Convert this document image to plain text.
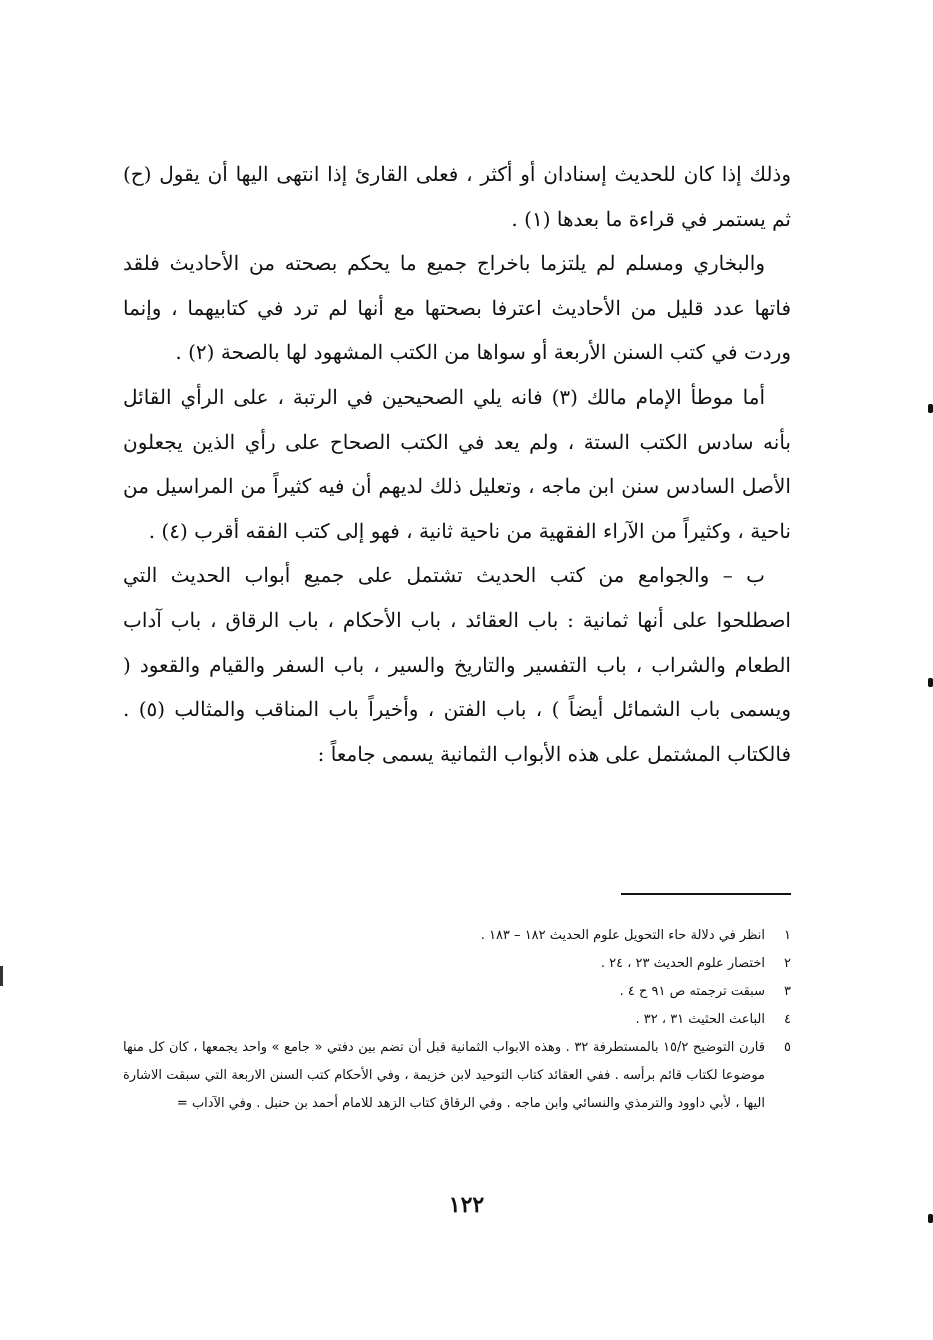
وذلك إذا كان للحديث إسنادان أو أكثر ، فعلى القارئ إذا انتهى اليها أن يقول (ح) ثم يستمر في قراءة ما بعدها (١) .

والبخاري ومسلم لم يلتزما باخراج جميع ما يحكم بصحته من الأحاديث فلقد فاتها عدد قليل من الأحاديث اعترفا بصحتها مع أنها لم ترد في كتابيهما ، وإنما وردت في كتب السنن الأربعة أو سواها من الكتب المشهود لها بالصحة (٢) .

أما موطأ الإمام مالك (٣) فانه يلي الصحيحين في الرتبة ، على الرأي القائل بأنه سادس الكتب الستة ، ولم يعد في الكتب الصحاح على رأي الذين يجعلون الأصل السادس سنن ابن ماجه ، وتعليل ذلك لديهم أن فيه كثيراً من المراسيل من ناحية ، وكثيراً من الآراء الفقهية من ناحية ثانية ، فهو إلى كتب الفقه أقرب (٤) .

ب – والجوامع من كتب الحديث تشتمل على جميع أبواب الحديث التي اصطلحوا على أنها ثمانية : باب العقائد ، باب الأحكام ، باب الرقاق ، باب آداب الطعام والشراب ، باب التفسير والتاريخ والسير ، باب السفر والقيام والقعود ( ويسمى باب الشمائل أيضاً ) ، باب الفتن ، وأخيراً باب المناقب والمثالب (٥) . فالكتاب المشتمل على هذه الأبواب الثمانية يسمى جامعاً :

١
انظر في دلالة حاء التحويل علوم الحديث ١٨٢ – ١٨٣ .
٢
اختصار علوم الحديث ٢٣ ، ٢٤ .
٣
سبقت ترجمته ص ٩١ ح ٤ .
٤
الباعث الحثيث ٣١ ، ٣٢ .
٥
قارن التوضيح ١٥/٢ بالمستطرفة ٣٢ . وهذه الابواب الثمانية قبل أن تضم بين دفتي « جامع » واحد يجمعها ، كان كل منها موضوعا لكتاب قائم برأسه . ففي العقائد كتاب التوحيد لابن خزيمة ، وفي الأحكام كتب السنن الاربعة التي سبقت الاشارة اليها ، لأبي داوود والترمذي والنسائي وابن ماجه . وفي الرقاق كتاب الزهد للامام أحمد بن حنبل . وفي الآداب =
١٢٢
